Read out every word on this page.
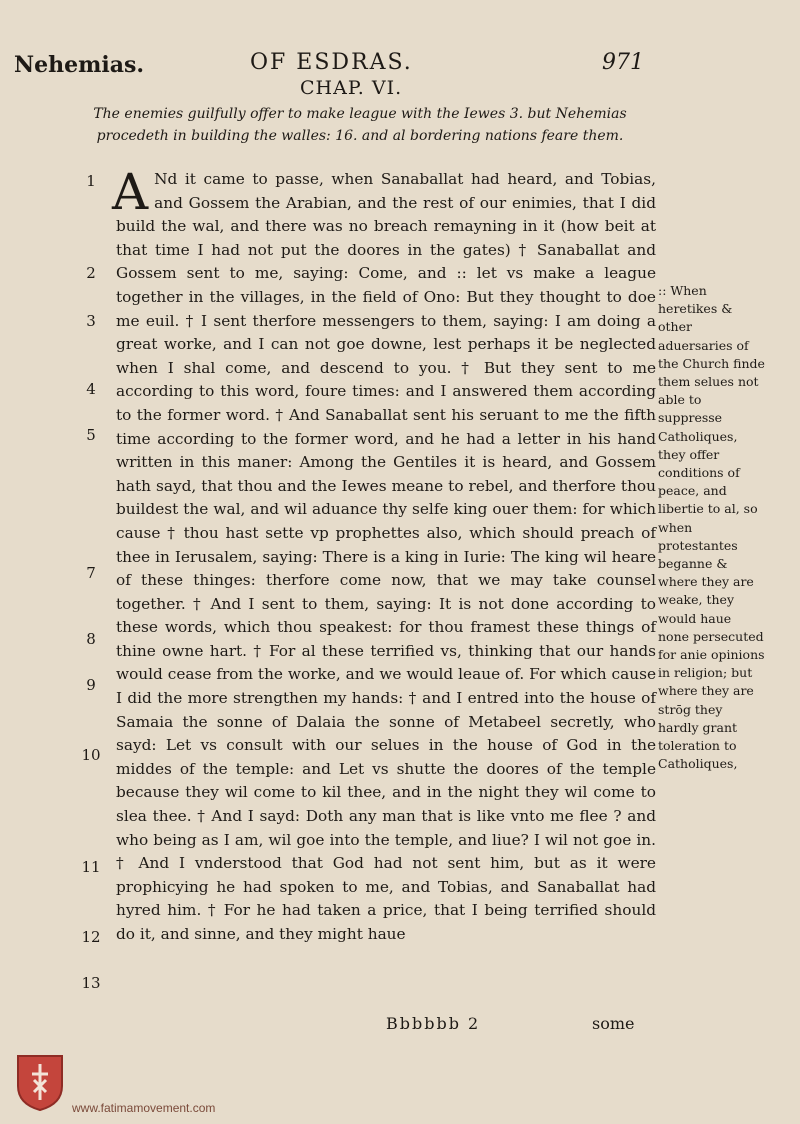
Nehemias.	OF ESDRAS.	971
CHAP. VI.
The enemies guilfully offer to make league with the Iewes 3. but Nehemias procedeth in building the walles: 16. and al bordering nations feare them.
1
2
3
4
5
7
8
9
10
11
12
13
A Nd it came to passe, when Sanaballat had heard, and Tobias, and Gossem the Arabian, and the rest of our enimies, that I did build the wal, and there was no breach remayning in it (how beit at that time I had not put the doores in the gates) † Sanaballat and Gossem sent to me, saying: Come, and :: let vs make a league together in the villages, in the field of Ono: But they thought to doe me euil. † I sent therfore messengers to them, saying: I am doing a great worke, and I can not goe downe, lest perhaps it be neglected when I shal come, and descend to you. † But they sent to me according to this word, foure times: and I answered them according to the former word. † And Sanaballat sent his seruant to me the fifth time according to the former word, and he had a letter in his hand written in this maner: Among the Gentiles it is heard, and Gossem hath sayd, that thou and the Iewes meane to rebel, and therfore thou buildest the wal, and wil aduance thy selfe king ouer them: for which cause † thou hast sette vp prophettes also, which should preach of thee in Ierusalem, saying: There is a king in Iurie: The king wil heare of these thinges: therfore come now, that we may take counsel together. † And I sent to them, saying: It is not done according to these words, which thou speakest: for thou framest these things of thine owne hart. † For al these terrified vs, thinking that our hands would cease from the worke, and we would leaue of. For which cause I did the more strengthen my hands: † and I entred into the house of Samaia the sonne of Dalaia the sonne of Metabeel secretly, who sayd: Let vs consult with our selues in the house of God in the middes of the temple: and Let vs shutte the doores of the temple because they wil come to kil thee, and in the night they wil come to slea thee. † And I sayd: Doth any man that is like vnto me flee ? and who being as I am, wil goe into the temple, and liue? I wil not goe in. † And I vnderstood that God had not sent him, but as it were prophicying he had spoken to me, and Tobias, and Sanaballat had hyred him. † For he had taken a price, that I being terrified should do it, and sinne, and they might haue

:: When heretikes & other aduersaries of the Church finde them selues not able to suppresse Catholiques, they offer conditions of peace, and libertie to al, so when protestantes beganne & where they are weake, they would haue none persecuted for anie opinions in religion; but where they are strōg they hardly grant toleration to Catholiques,
Bbbbbb 2	some
www.fatimamovement.com
